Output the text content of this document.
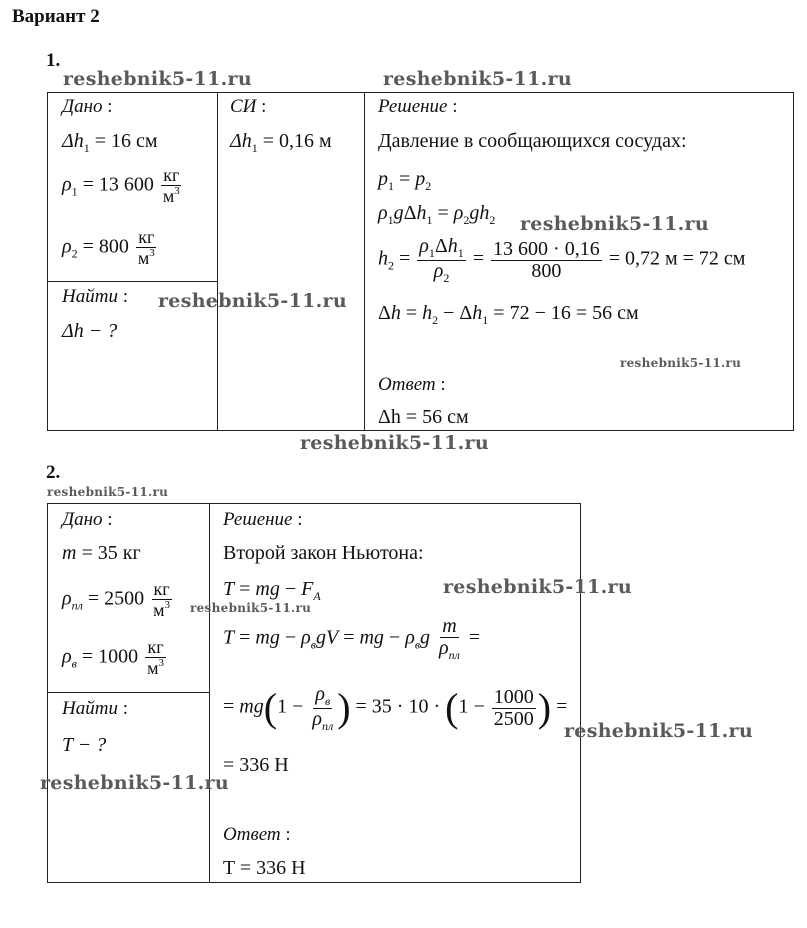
Вариант 2
1.
Дано :
$\Delta h_1 = 16$ см
$\rho_1 = 13$ $600 \frac{кг}{м^3}$
$\rho_2 = 800 \frac{кг}{м^3}$
Найти :
Δh − ?
СИ :
$\Delta h_1 = 0,16$ м
Решение :
Давление в сообщающихся сосудах:
$p_1 = p_2$
$\rho_1g\Delta h_1 = \rho_2gh_2$
$h_2 = \frac{\rho_1\Delta h_1}{\rho_2} = \frac{13 600 \cdot 0,16}{800} = 0,72$ м = 72 см
$\Delta h = h_2 - \Delta h_1 = 72 - 16 = 56$ см
Ответ :
Δh = 56 см
2.
Дано :
m = 35 кг
$\rho_{пл} = 2500 \frac{кг}{м^3}$
$\rho_в = 1000 \frac{кг}{м^3}$
Найти :
T − ?
Решение :
Второй закон Ньютона:
T = mg − $F_A$
T = mg − $\rho_вgV$ = mg − $\rho_вg \frac{m}{\rho_{пл}}$ =
= $mg(1 - \frac{\rho_в}{\rho_{пл}}$ ) = $35 \cdot 10 \cdot (1 - \frac{1000}{2500}$ ) =
= 336 Н
Ответ :
T = 336 Н
reshebnik5-11.ru	reshebnik5-11.ru
reshebnik5-11.ru
reshebnik5-11.ru
reshebnik5-11.ru
reshebnik5-11.ru
reshebnik5-11.ru
reshebnik5-11.ru
reshebnik5-11.ru
reshebnik5-11.ru
reshebnik5-11.ru
